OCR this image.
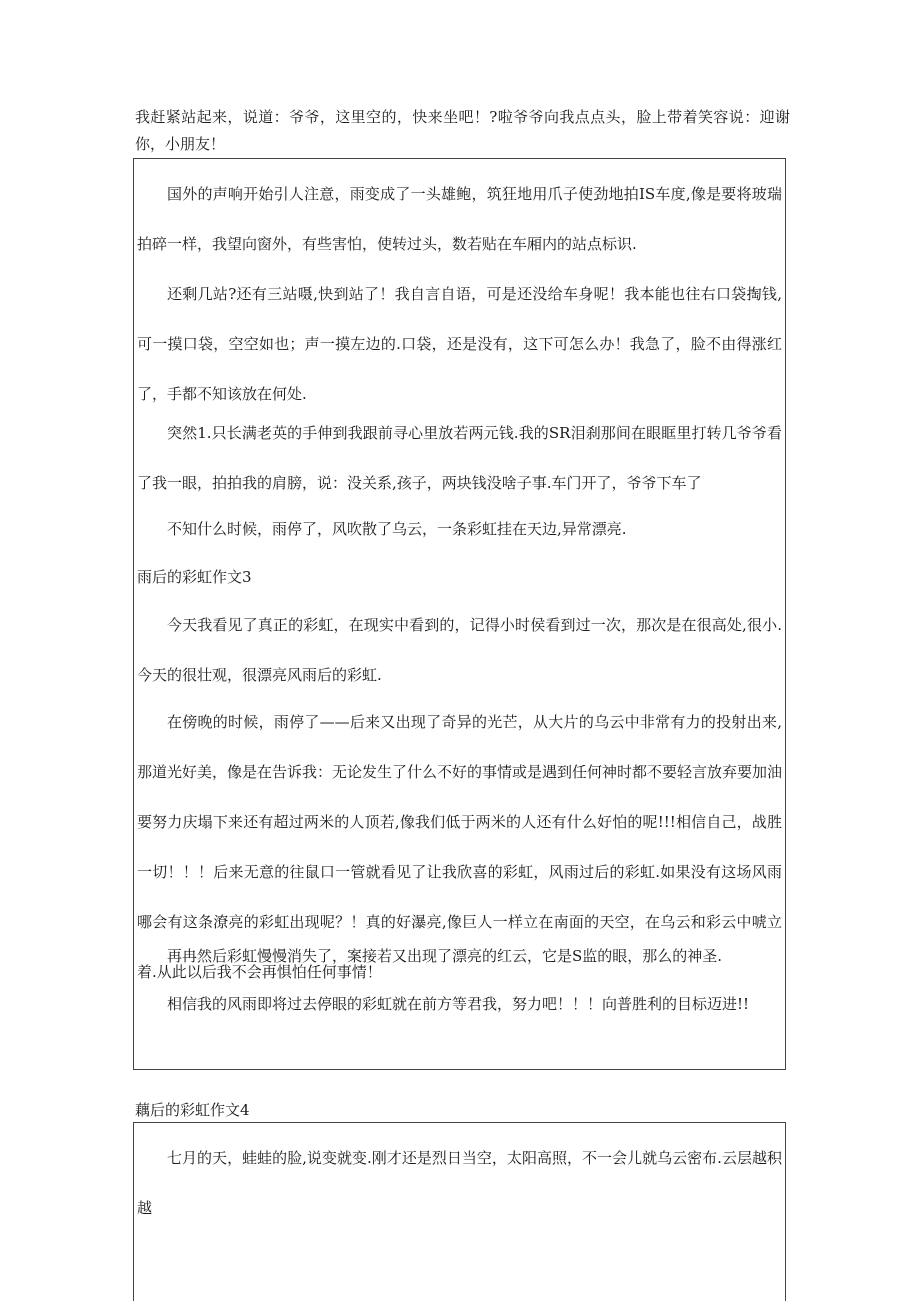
我赶紧站起来，说道：爷爷，这里空的，快来坐吧！?啦爷爷向我点点头，脸上带着笑容说：迎谢你，小朋友！

国外的声响开始引人注意，雨变成了一头雄鲍，筑狂地用爪子使劲地拍IS车度,像是要将玻瑞拍碎一样，我望向窗外，有些害怕，使转过头，数若贴在车厢内的站点标识.

还剩几站?还有三站嗫,快到站了！我自言自语，可是还没给车身呢！我本能也往右口袋掏钱,可一摸口袋，空空如也；声一摸左边的.口袋，还是没有，这下可怎么办！我急了，脸不由得涨红了，手都不知该放在何处.

突然1.只长满老英的手伸到我跟前寻心里放若两元钱.我的SR泪刹那间在眼眶里打转几爷爷看了我一眼，拍拍我的肩膀，说：没关系,孩子，两块钱没啥子事.车门开了，爷爷下车了

不知什么时候，雨停了，风吹散了乌云，一条彩虹挂在天边,异常漂亮.

雨后的彩虹作文3

今天我看见了真正的彩虹，在现实中看到的，记得小时侯看到过一次，那次是在很高处,很小.今天的很壮观，很漂亮风雨后的彩虹.

在傍晚的时候，雨停了——后来又出现了奇异的光芒，从大片的乌云中非常有力的投射出来,那道光好美，像是在告诉我：无论发生了什么不好的事情或是遇到任何神时都不要轻言放弃要加油要努力庆塌下来还有超过两米的人顶若,像我们低于两米的人还有什么好怕的呢!!!相信自己，战胜一切！！！后来无意的往鼠口一管就看见了让我欣喜的彩虹，风雨过后的彩虹.如果没有这场风雨哪会有这条潦亮的彩虹出现呢？！真的好瀑亮,像巨人一样立在南面的天空，在乌云和彩云中唬立着.从此以后我不会再惧怕任何事情！

再冉然后彩虹慢慢消失了，案接若又出现了漂亮的红云，它是S监的眼，那么的神圣.

相信我的风雨即将过去停眼的彩虹就在前方等君我，努力吧！！！向普胜利的目标迈进!!

藕后的彩虹作文4

七月的天，蛙蛙的脸,说变就变.刚才还是烈日当空，太阳高照，不一会儿就乌云密布.云层越积越
